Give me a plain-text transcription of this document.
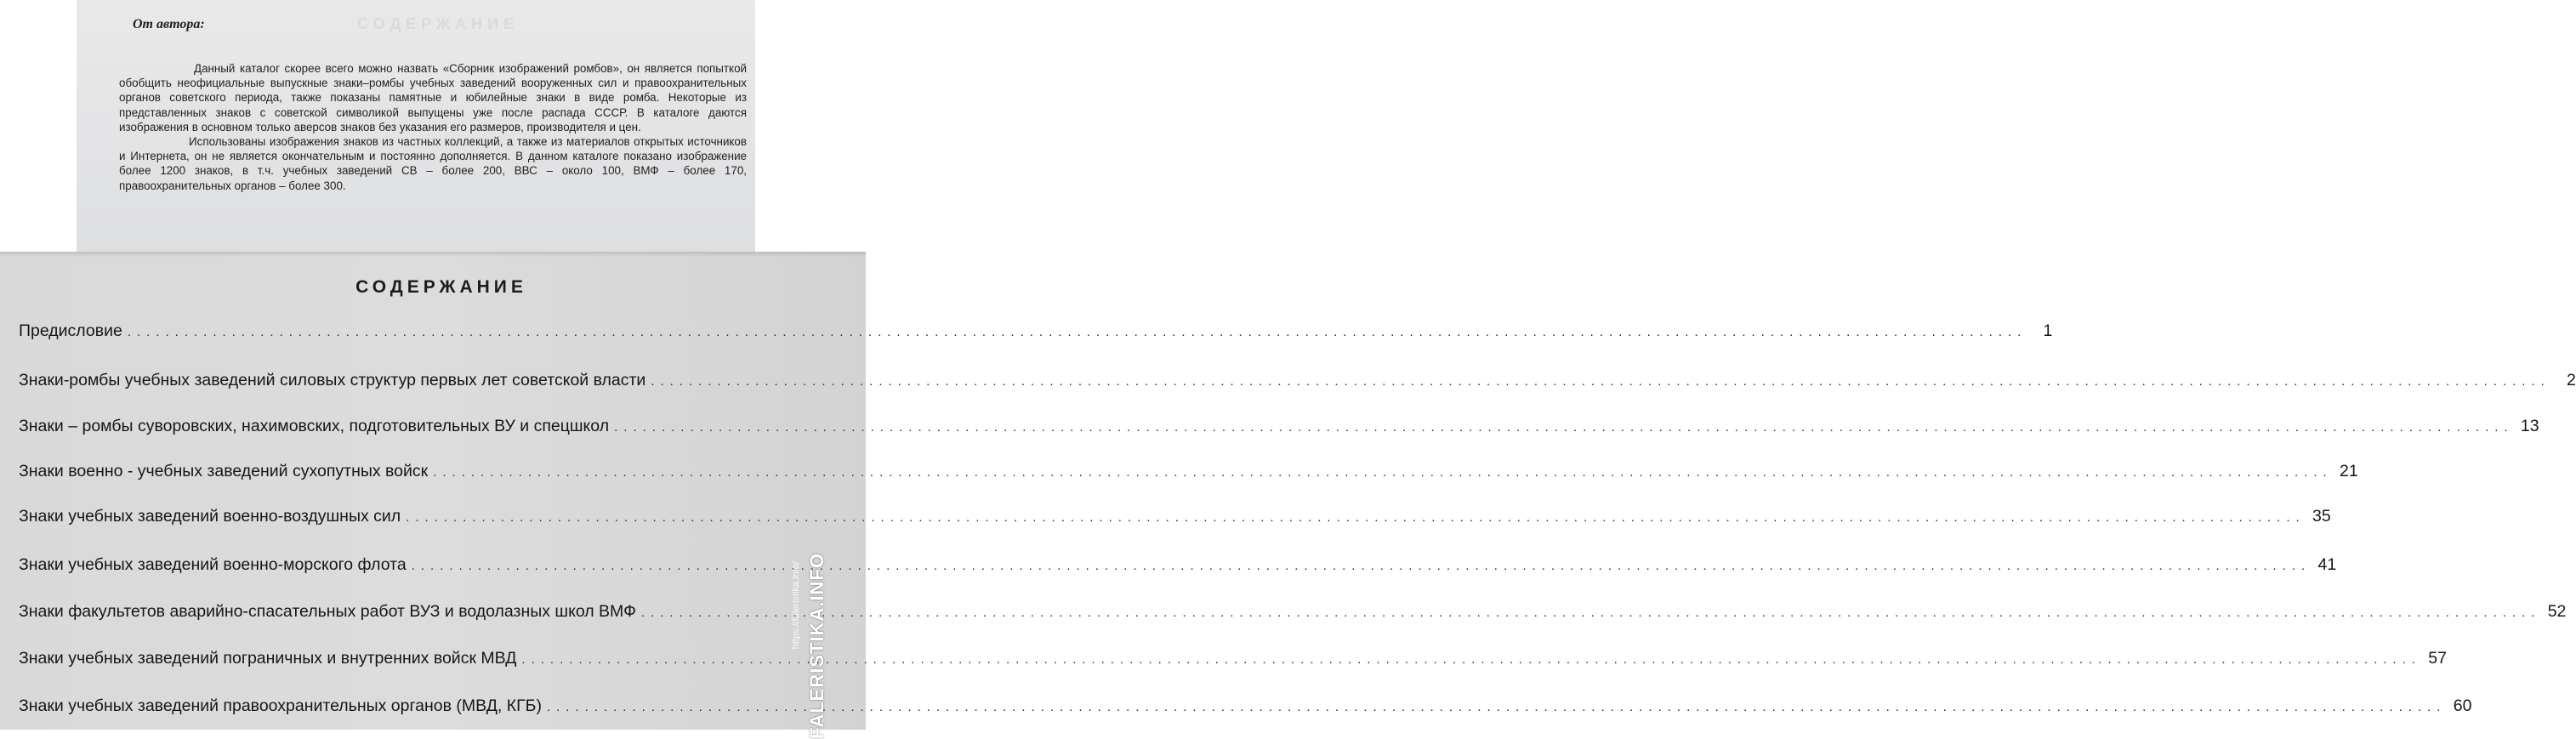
СОДЕРЖАНИЕ
От автора:

Данный каталог скорее всего можно назвать «Сборник изображений ромбов», он является попыткой обобщить неофициальные выпускные знаки–ромбы учебных заведений вооруженных сил и правоохранительных органов советского периода, также показаны памятные и юбилейные знаки в виде ромба. Некоторые из представленных знаков с советской символикой выпущены уже после распада СССР. В каталоге даются изображения в основном только аверсов знаков без указания его размеров, производителя и цен.

Использованы изображения знаков из частных коллекций, а также из материалов открытых источников и Интернета, он не является окончательным и постоянно дополняется. В данном каталоге показано изображение более 1200 знаков, в т.ч. учебных заведений СВ – более 200, ВВС – около 100, ВМФ – более 170, правоохранительных органов – более 300.

СОДЕРЖАНИЕ
Предисловие ........................................................................................................................................................................................................ 1
Знаки-ромбы учебных заведений силовых структур первых лет советской власти ........................................................................................................................................................................................................ 2
Знаки – ромбы суворовских, нахимовских, подготовительных ВУ и спецшкол ........................................................................................................................................................................................................ 13
Знаки военно - учебных заведений сухопутных войск ........................................................................................................................................................................................................ 21
Знаки учебных заведений военно-воздушных сил ........................................................................................................................................................................................................ 35
Знаки учебных заведений военно-морского флота ........................................................................................................................................................................................................ 41
Знаки факультетов аварийно-спасательных работ ВУЗ и водолазных школ ВМФ ........................................................................................................................................................................................................ 52
Знаки учебных заведений пограничных и внутренних войск МВД ........................................................................................................................................................................................................ 57
Знаки учебных заведений правоохранительных органов (МВД, КГБ) ........................................................................................................................................................................................................ 60
https://faleristika.info/ FALERISTIKA.INFO
